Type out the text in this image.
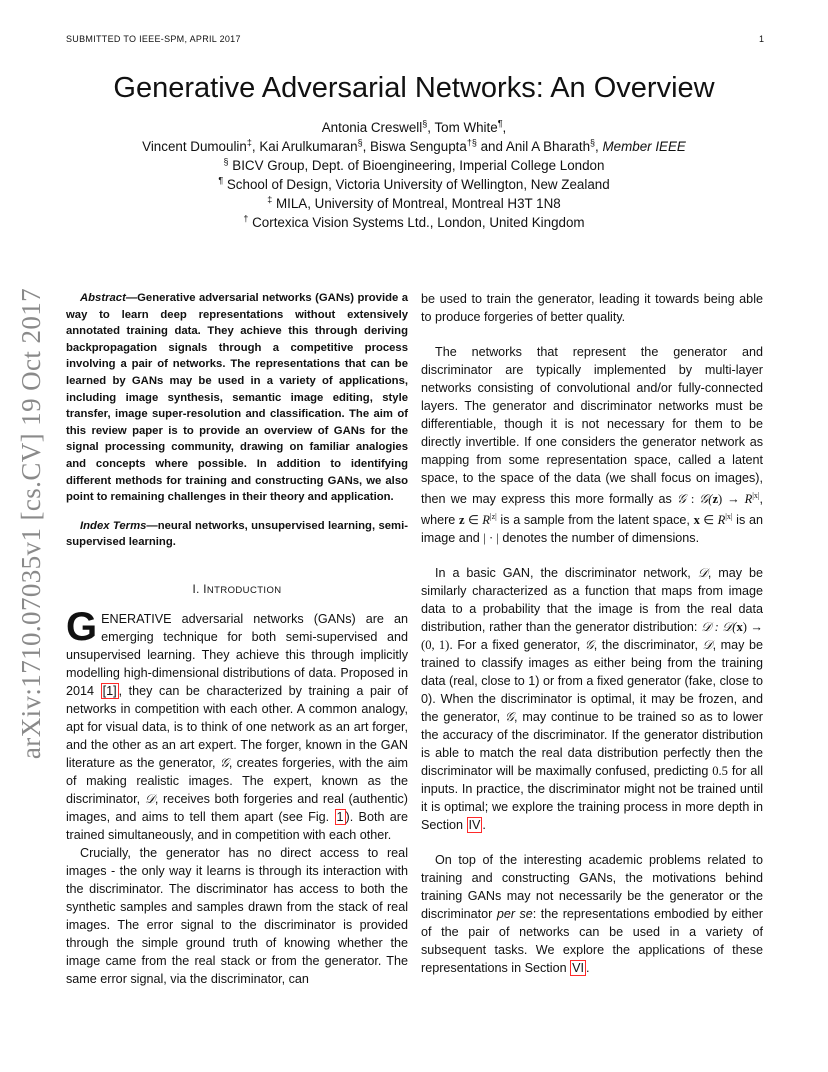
SUBMITTED TO IEEE-SPM, APRIL 2017	1
arXiv:1710.07035v1 [cs.CV] 19 Oct 2017
Generative Adversarial Networks: An Overview
Antonia Creswell§, Tom White¶,
Vincent Dumoulin‡, Kai Arulkumaran§, Biswa Sengupta†§ and Anil A Bharath§, Member IEEE
§ BICV Group, Dept. of Bioengineering, Imperial College London
¶ School of Design, Victoria University of Wellington, New Zealand
‡ MILA, University of Montreal, Montreal H3T 1N8
† Cortexica Vision Systems Ltd., London, United Kingdom

Abstract—Generative adversarial networks (GANs) provide a way to learn deep representations without extensively annotated training data. They achieve this through deriving backpropagation signals through a competitive process involving a pair of networks. The representations that can be learned by GANs may be used in a variety of applications, including image synthesis, semantic image editing, style transfer, image super-resolution and classification. The aim of this review paper is to provide an overview of GANs for the signal processing community, drawing on familiar analogies and concepts where possible. In addition to identifying different methods for training and constructing GANs, we also point to remaining challenges in their theory and application.

Index Terms—neural networks, unsupervised learning, semi-supervised learning.

I. INTRODUCTION

GENERATIVE adversarial networks (GANs) are an emerging technique for both semi-supervised and unsupervised learning. They achieve this through implicitly modelling high-dimensional distributions of data. Proposed in 2014 [1] , they can be characterized by training a pair of networks in competition with each other. A common analogy, apt for visual data, is to think of one network as an art forger, and the other as an art expert. The forger, known in the GAN literature as the generator, 𝒢, creates forgeries, with the aim of making realistic images. The expert, known as the discriminator, 𝒟, receives both forgeries and real (authentic) images, and aims to tell them apart (see Fig. 1 ). Both are trained simultaneously, and in competition with each other.

Crucially, the generator has no direct access to real images - the only way it learns is through its interaction with the discriminator. The discriminator has access to both the synthetic samples and samples drawn from the stack of real images. The error signal to the discriminator is provided through the simple ground truth of knowing whether the image came from the real stack or from the generator. The same error signal, via the discriminator, can

be used to train the generator, leading it towards being able to produce forgeries of better quality.

The networks that represent the generator and discriminator are typically implemented by multi-layer networks consisting of convolutional and/or fully-connected layers. The generator and discriminator networks must be differentiable, though it is not necessary for them to be directly invertible. If one considers the generator network as mapping from some representation space, called a latent space, to the space of the data (we shall focus on images), then we may express this more formally as 𝒢 : 𝒢(z) → $R^{|x|}$, where z ∈ $R^{|z|}$ is a sample from the latent space, x ∈ $R^{|x|}$ is an image and | · | denotes the number of dimensions.

In a basic GAN, the discriminator network, 𝒟, may be similarly characterized as a function that maps from image data to a probability that the image is from the real data distribution, rather than the generator distribution: 𝒟 : 𝒟(x) → (0, 1). For a fixed generator, 𝒢, the discriminator, 𝒟, may be trained to classify images as either being from the training data (real, close to 1) or from a fixed generator (fake, close to 0). When the discriminator is optimal, it may be frozen, and the generator, 𝒢, may continue to be trained so as to lower the accuracy of the discriminator. If the generator distribution is able to match the real data distribution perfectly then the discriminator will be maximally confused, predicting 0.5 for all inputs. In practice, the discriminator might not be trained until it is optimal; we explore the training process in more depth in Section IV .

On top of the interesting academic problems related to training and constructing GANs, the motivations behind training GANs may not necessarily be the generator or the discriminator per se: the representations embodied by either of the pair of networks can be used in a variety of subsequent tasks. We explore the applications of these representations in Section VI .
